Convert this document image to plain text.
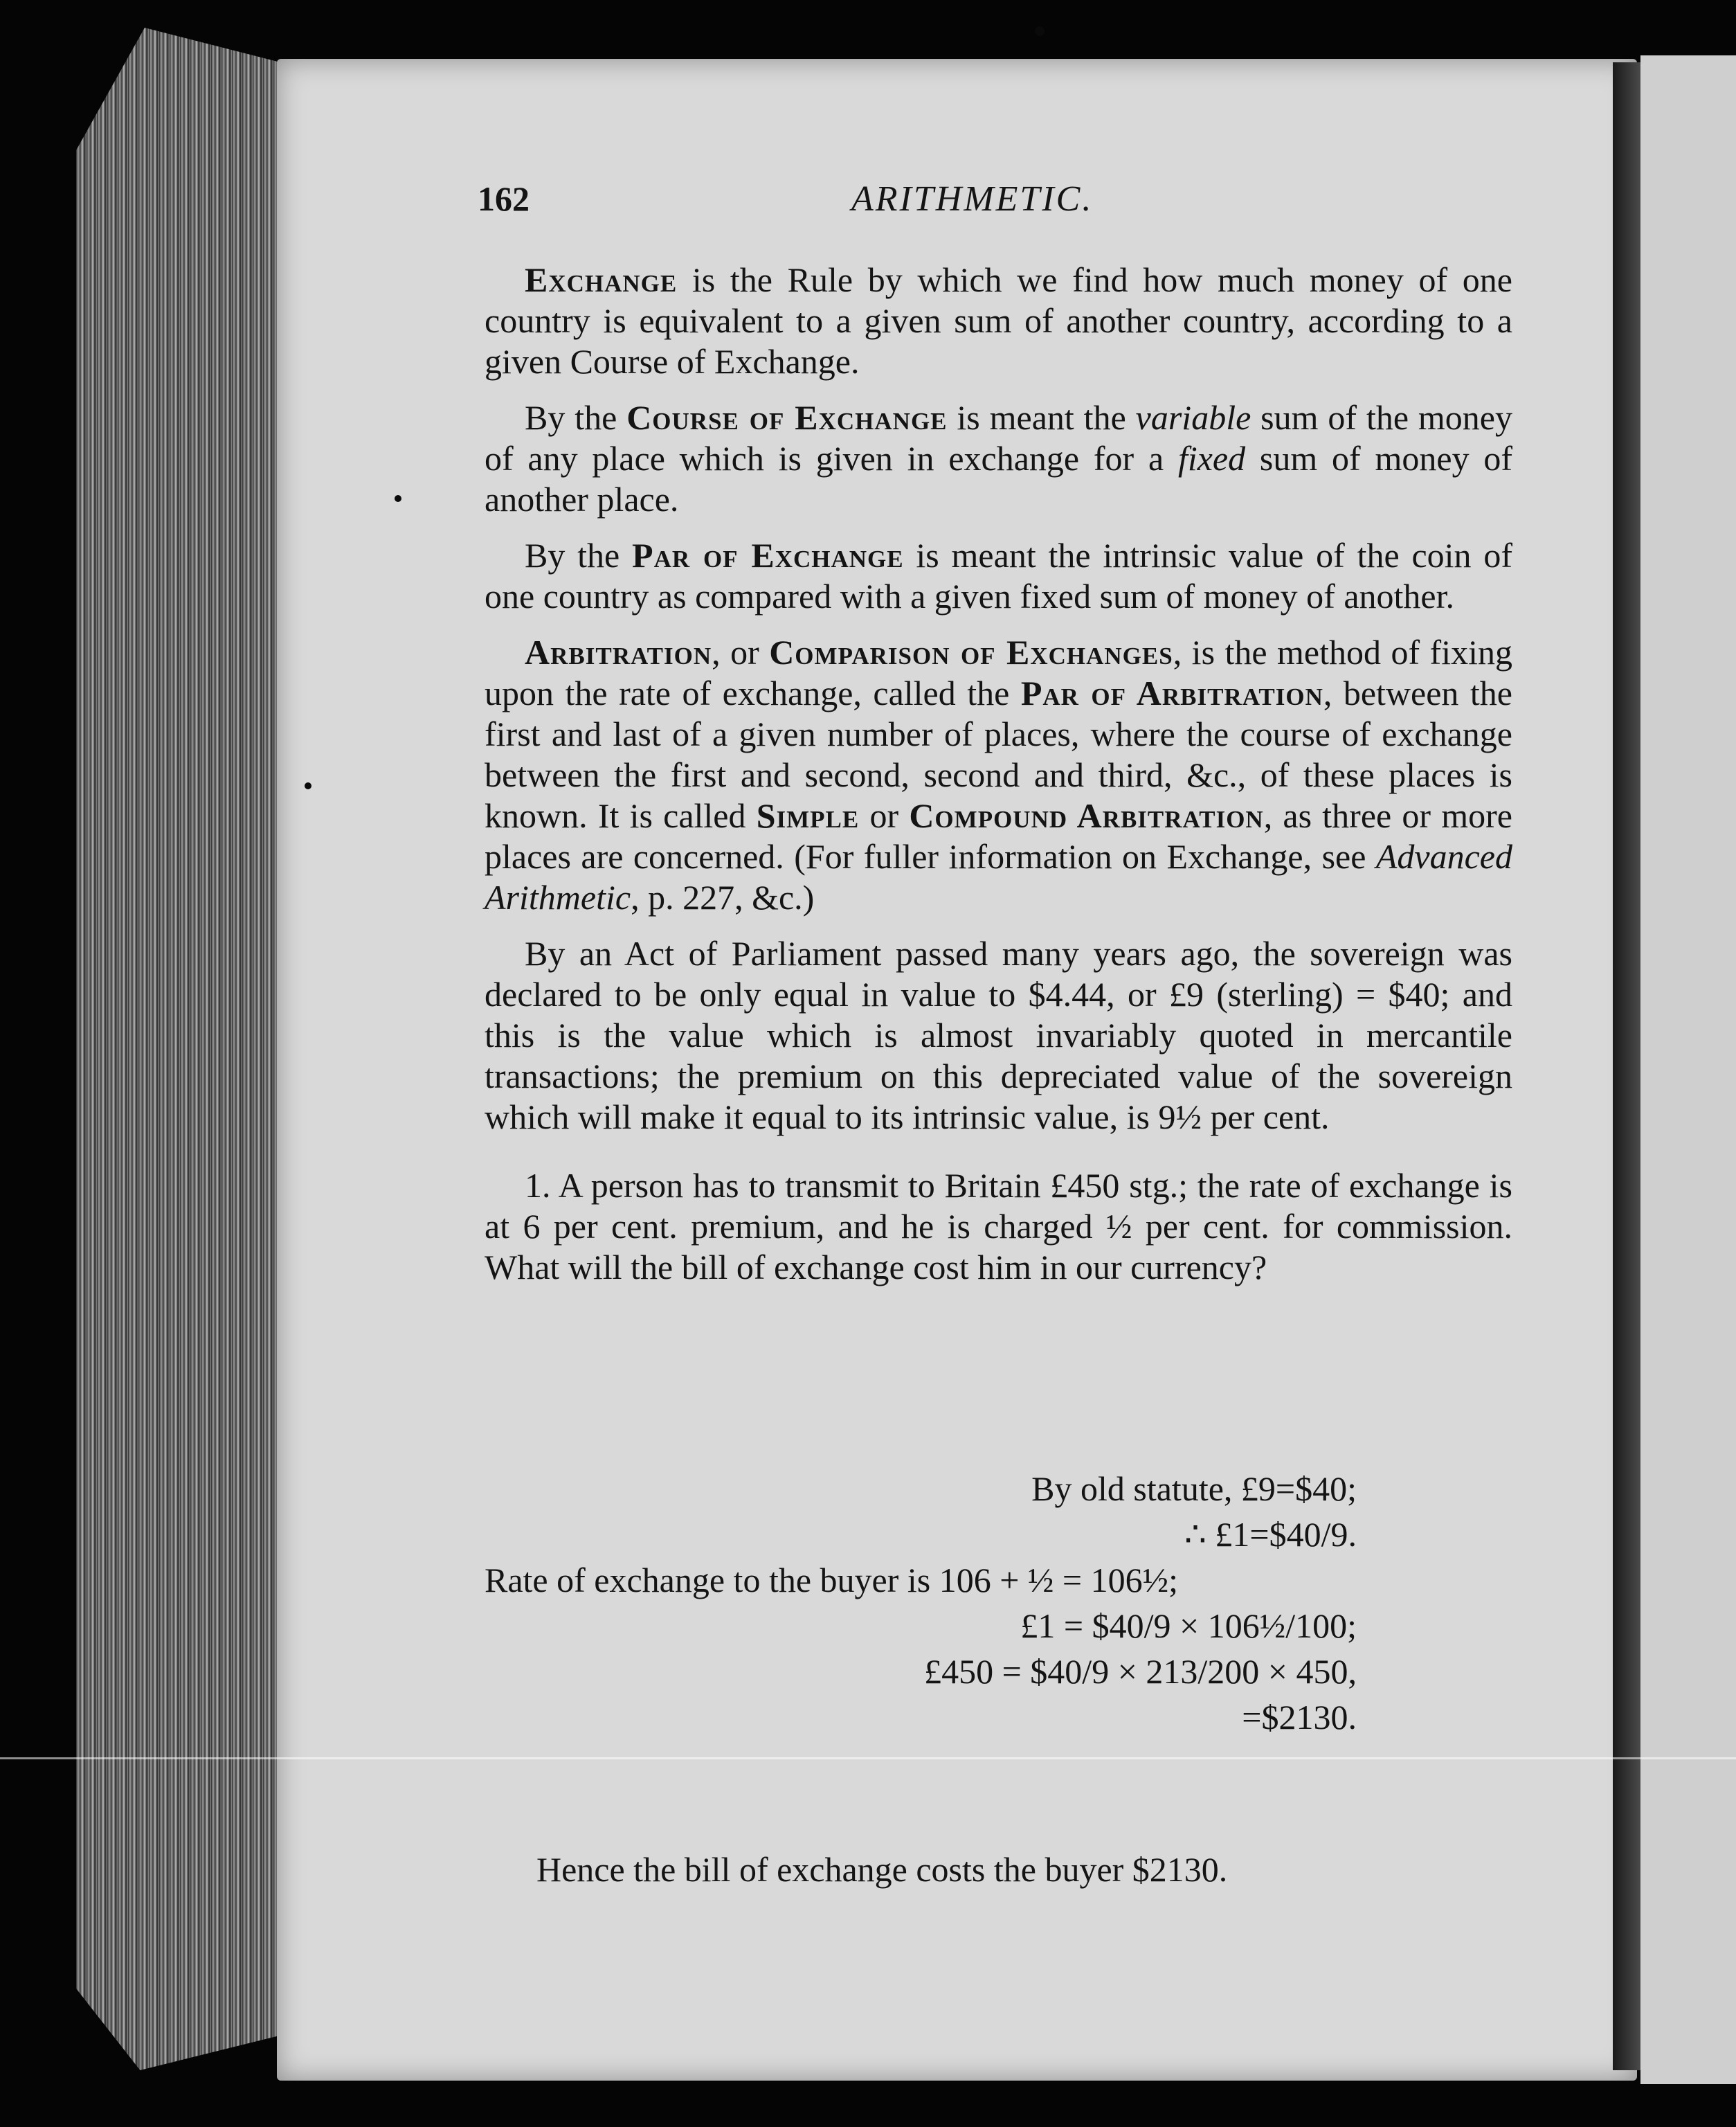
162	ARITHMETIC.

Exchange is the Rule by which we find how much money of one country is equivalent to a given sum of another country, according to a given Course of Exchange.

By the Course of Exchange is meant the variable sum of the money of any place which is given in exchange for a fixed sum of money of another place.

By the Par of Exchange is meant the intrinsic value of the coin of one country as compared with a given fixed sum of money of another.

Arbitration, or Comparison of Exchanges, is the method of fixing upon the rate of exchange, called the Par of Arbitration, between the first and last of a given number of places, where the course of exchange between the first and second, second and third, &c., of these places is known. It is called Simple or Compound Arbitration, as three or more places are concerned. (For fuller information on Exchange, see Advanced Arithmetic, p. 227, &c.)

By an Act of Parliament passed many years ago, the sovereign was declared to be only equal in value to $4.44, or £9 (sterling) = $40; and this is the value which is almost invariably quoted in mercantile transactions; the premium on this depreciated value of the sovereign which will make it equal to its intrinsic value, is 9½ per cent.

1. A person has to transmit to Britain £450 stg.; the rate of exchange is at 6 per cent. premium, and he is charged ½ per cent. for commission. What will the bill of exchange cost him in our currency?

By old statute, £9=$40;
∴ £1=$40/9.
Rate of exchange to the buyer is 106 + ½ = 106½;
£1 = $40/9 × 106½/100;
£450 = $40/9 × 213/200 × 450,
=$2130.
Hence the bill of exchange costs the buyer $2130.
